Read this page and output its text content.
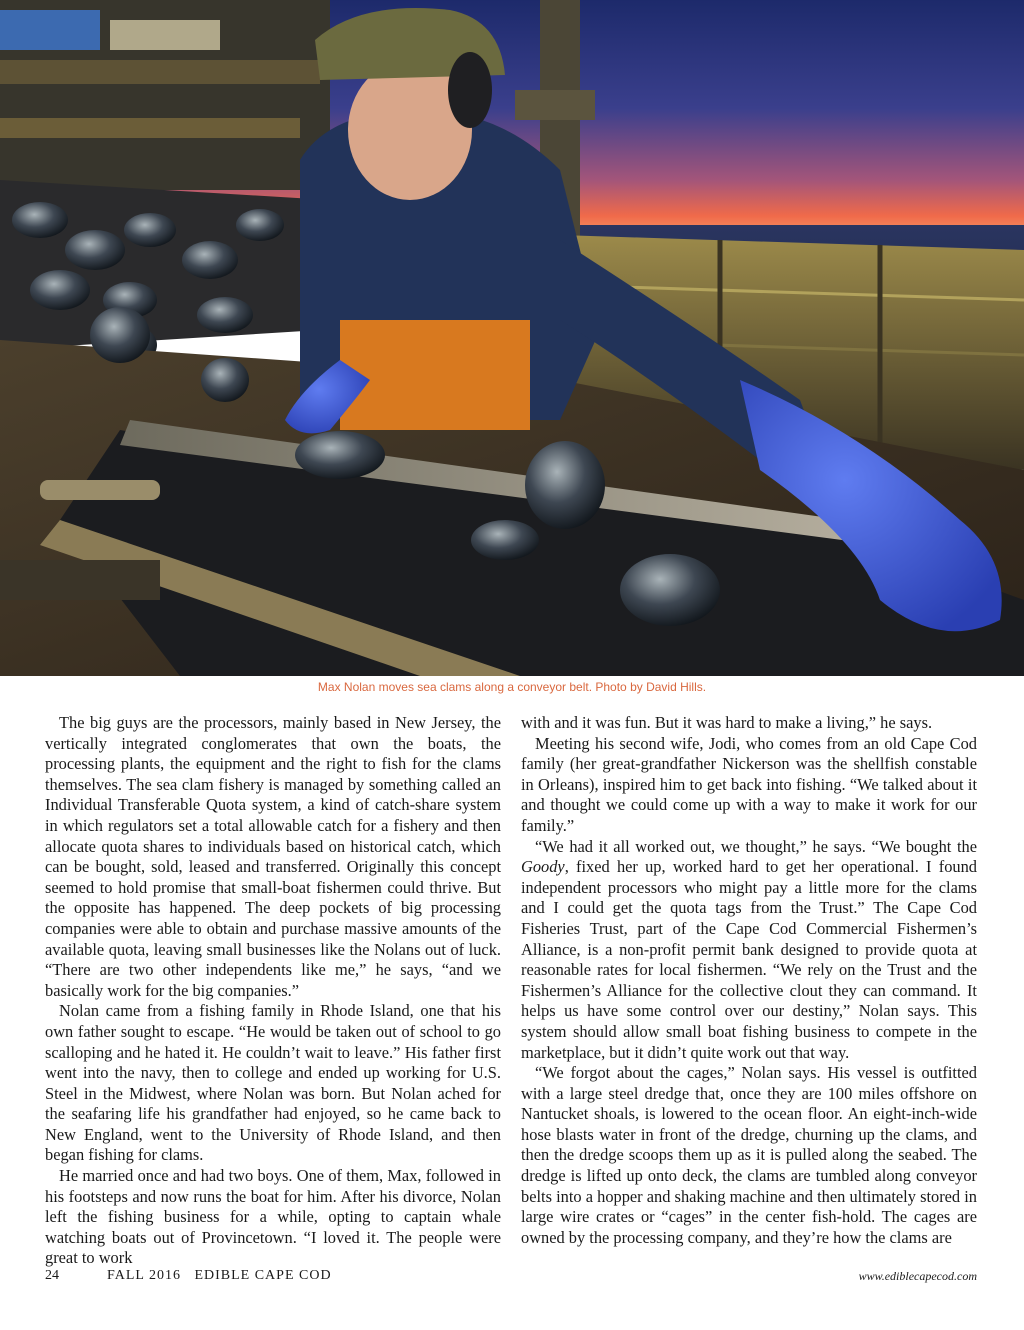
Max Nolan moves sea clams along a conveyor belt. Photo by David Hills.

The big guys are the processors, mainly based in New Jersey, the vertically integrated conglomerates that own the boats, the processing plants, the equipment and the right to fish for the clams themselves. The sea clam fishery is managed by something called an Individual Transferable Quota system, a kind of catch-share system in which regulators set a total allowable catch for a fishery and then allocate quota shares to individuals based on historical catch, which can be bought, sold, leased and transferred. Originally this concept seemed to hold promise that small-boat fishermen could thrive. But the opposite has happened. The deep pockets of big processing companies were able to obtain and purchase massive amounts of the available quota, leaving small businesses like the Nolans out of luck. “There are two other independents like me,” he says, “and we basically work for the big companies.”

Nolan came from a fishing family in Rhode Island, one that his own father sought to escape. “He would be taken out of school to go scalloping and he hated it. He couldn’t wait to leave.” His father first went into the navy, then to college and ended up working for U.S. Steel in the Midwest, where Nolan was born. But Nolan ached for the seafaring life his grandfather had enjoyed, so he came back to New England, went to the University of Rhode Island, and then began fishing for clams.

He married once and had two boys. One of them, Max, followed in his footsteps and now runs the boat for him. After his divorce, Nolan left the fishing business for a while, opting to captain whale watching boats out of Provincetown. “I loved it. The people were great to work

with and it was fun. But it was hard to make a living,” he says.

Meeting his second wife, Jodi, who comes from an old Cape Cod family (her great-grandfather Nickerson was the shellfish constable in Orleans), inspired him to get back into fishing. “We talked about it and thought we could come up with a way to make it work for our family.”

“We had it all worked out, we thought,” he says. “We bought the Goody, fixed her up, worked hard to get her operational. I found independent processors who might pay a little more for the clams and I could get the quota tags from the Trust.” The Cape Cod Fisheries Trust, part of the Cape Cod Commercial Fishermen’s Alliance, is a non-profit permit bank designed to provide quota at reasonable rates for local fishermen. “We rely on the Trust and the Fishermen’s Alliance for the collective clout they can command. It helps us have some control over our destiny,” Nolan says. This system should allow small boat fishing business to compete in the marketplace, but it didn’t quite work out that way.

“We forgot about the cages,” Nolan says. His vessel is outfitted with a large steel dredge that, once they are 100 miles offshore on Nantucket shoals, is lowered to the ocean floor. An eight-inch-wide hose blasts water in front of the dredge, churning up the clams, and then the dredge scoops them up as it is pulled along the seabed. The dredge is lifted up onto deck, the clams are tumbled along conveyor belts into a hopper and shaking machine and then ultimately stored in large wire crates or “cages” in the center fish-hold. The cages are owned by the processing company, and they’re how the clams are

24	FALL 2016   EDIBLE CAPE COD	www.ediblecapecod.com
